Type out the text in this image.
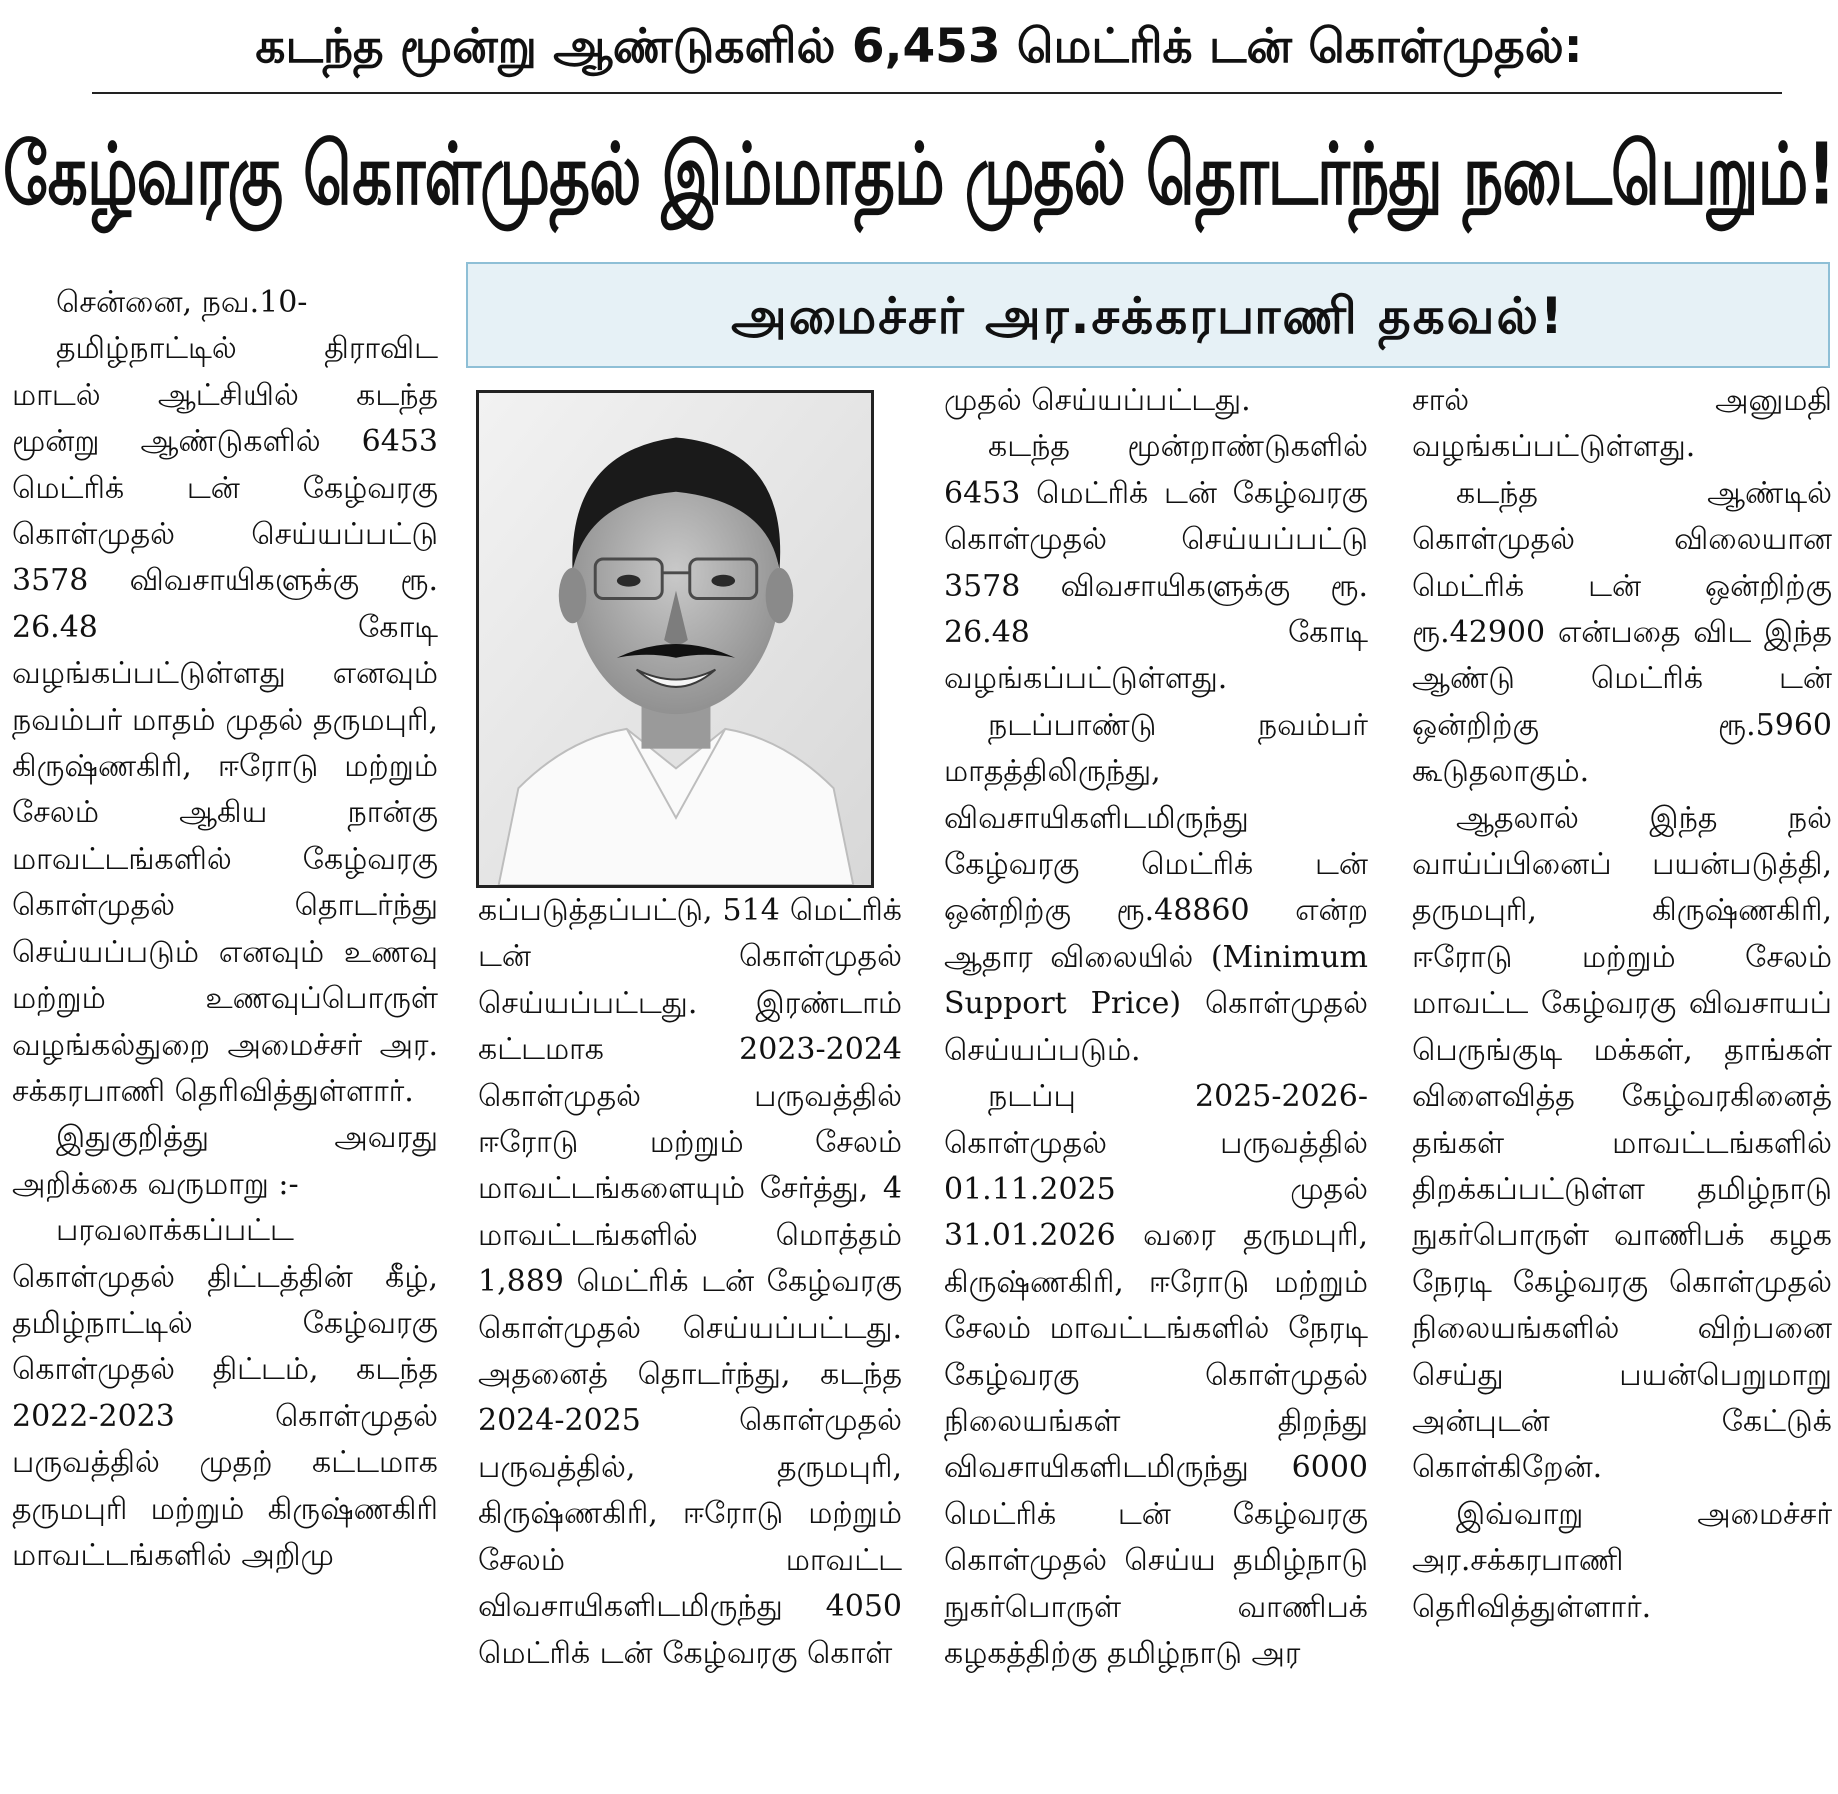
கடந்த மூன்று ஆண்டுகளில் 6,453 மெட்ரிக் டன் கொள்முதல்:
கேழ்வரகு கொள்முதல் இம்மாதம் முதல் தொடர்ந்து நடைபெறும்!
அமைச்சர் அர.சக்கரபாணி தகவல்!

சென்னை, நவ.10-

தமிழ்நாட்டில் திராவிட மாடல் ஆட்சியில் கடந்த மூன்று ஆண்டுகளில் 6453 மெட்ரிக் டன் கேழ்வரகு கொள்முதல் செய்யப்பட்டு 3578 விவசாயிகளுக்கு ரூ. 26.48 கோடி வழங்கப்பட்டுள்ளது எனவும் நவம்பர் மாதம் முதல் தருமபுரி, கிருஷ்ணகிரி, ஈரோடு மற்றும் சேலம் ஆகிய நான்கு மாவட்டங்களில் கேழ்வரகு கொள்முதல் தொடர்ந்து செய்யப்படும் எனவும் உணவு மற்றும் உணவுப்பொருள் வழங்கல்துறை அமைச்சர் அர. சக்கரபாணி தெரிவித்துள்ளார்.

இதுகுறித்து அவரது அறிக்கை வருமாறு :-

பரவலாக்கப்பட்ட கொள்முதல் திட்டத்தின் கீழ், தமிழ்நாட்டில் கேழ்வரகு கொள்முதல் திட்டம், கடந்த 2022-2023 கொள்முதல் பருவத்தில் முதற் கட்டமாக தருமபுரி மற்றும் கிருஷ்ணகிரி மாவட்டங்களில் அறிமு

கப்படுத்தப்பட்டு, 514 மெட்ரிக் டன் கொள்முதல் செய்யப்பட்டது. இரண்டாம் கட்டமாக 2023-2024 கொள்முதல் பருவத்தில் ஈரோடு மற்றும் சேலம் மாவட்டங்களையும் சேர்த்து, 4 மாவட்டங்களில் மொத்தம் 1,889 மெட்ரிக் டன் கேழ்வரகு கொள்முதல் செய்யப்பட்டது. அதனைத் தொடர்ந்து, கடந்த 2024-2025 கொள்முதல் பருவத்தில், தருமபுரி, கிருஷ்ணகிரி, ஈரோடு மற்றும் சேலம் மாவட்ட விவசாயிகளிடமிருந்து 4050 மெட்ரிக் டன் கேழ்வரகு கொள்

முதல் செய்யப்பட்டது.

கடந்த மூன்றாண்டுகளில் 6453 மெட்ரிக் டன் கேழ்வரகு கொள்முதல் செய்யப்பட்டு 3578 விவசாயிகளுக்கு ரூ. 26.48 கோடி வழங்கப்பட்டுள்ளது.

நடப்பாண்டு நவம்பர் மாதத்திலிருந்து, விவசாயிகளிடமிருந்து கேழ்வரகு மெட்ரிக் டன் ஒன்றிற்கு ரூ.48860 என்ற ஆதார விலையில் (Minimum Support Price) கொள்முதல் செய்யப்படும்.

நடப்பு 2025-2026-கொள்முதல் பருவத்தில் 01.11.2025 முதல் 31.01.2026 வரை தருமபுரி, கிருஷ்ணகிரி, ஈரோடு மற்றும் சேலம் மாவட்டங்களில் நேரடி கேழ்வரகு கொள்முதல் நிலையங்கள் திறந்து விவசாயிகளிடமிருந்து 6000 மெட்ரிக் டன் கேழ்வரகு கொள்முதல் செய்ய தமிழ்நாடு நுகர்பொருள் வாணிபக் கழகத்திற்கு தமிழ்நாடு அர

சால் அனுமதி வழங்கப்பட்டுள்ளது.

கடந்த ஆண்டில் கொள்முதல் விலையான மெட்ரிக் டன் ஒன்றிற்கு ரூ.42900 என்பதை விட இந்த ஆண்டு மெட்ரிக் டன் ஒன்றிற்கு ரூ.5960 கூடுதலாகும்.

ஆதலால் இந்த நல் வாய்ப்பினைப் பயன்படுத்தி, தருமபுரி, கிருஷ்ணகிரி, ஈரோடு மற்றும் சேலம் மாவட்ட கேழ்வரகு விவசாயப் பெருங்குடி மக்கள், தாங்கள் விளைவித்த கேழ்வரகினைத் தங்கள் மாவட்டங்களில் திறக்கப்பட்டுள்ள தமிழ்நாடு நுகர்பொருள் வாணிபக் கழக நேரடி கேழ்வரகு கொள்முதல் நிலையங்களில் விற்பனை செய்து பயன்பெறுமாறு அன்புடன் கேட்டுக் கொள்கிறேன்.

இவ்வாறு அமைச்சர் அர.சக்கரபாணி தெரிவித்துள்ளார்.
